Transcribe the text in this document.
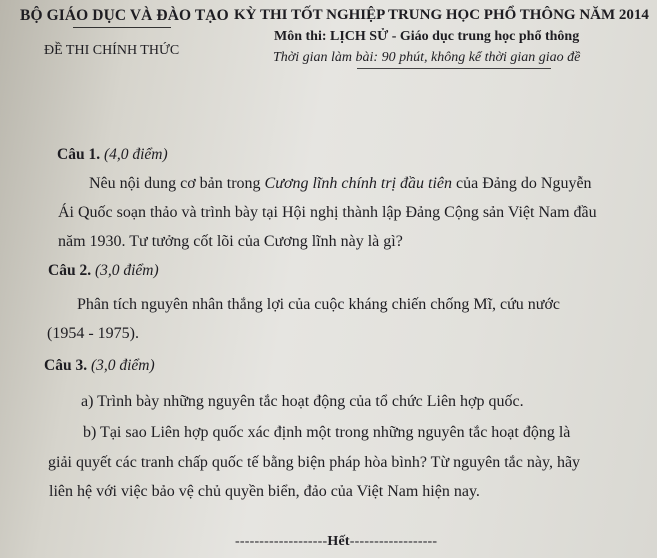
BỘ GIÁO DỤC VÀ ĐÀO TẠO
ĐỀ THI CHÍNH THỨC
KỲ THI TỐT NGHIỆP TRUNG HỌC PHỔ THÔNG NĂM 2014
Môn thi: LỊCH SỬ - Giáo dục trung học phổ thông
Thời gian làm bài: 90 phút, không kể thời gian giao đề
Câu 1. (4,0 điểm)
Nêu nội dung cơ bản trong Cương lĩnh chính trị đầu tiên của Đảng do Nguyễn
Ái Quốc soạn thảo và trình bày tại Hội nghị thành lập Đảng Cộng sản Việt Nam đầu
năm 1930. Tư tưởng cốt lõi của Cương lĩnh này là gì?
Câu 2. (3,0 điểm)
Phân tích nguyên nhân thắng lợi của cuộc kháng chiến chống Mĩ, cứu nước
(1954 - 1975).
Câu 3. (3,0 điểm)
a) Trình bày những nguyên tắc hoạt động của tổ chức Liên hợp quốc.
b) Tại sao Liên hợp quốc xác định một trong những nguyên tắc hoạt động là
giải quyết các tranh chấp quốc tế bằng biện pháp hòa bình? Từ nguyên tắc này, hãy
liên hệ với việc bảo vệ chủ quyền biển, đảo của Việt Nam hiện nay.
-------------------Hết------------------
